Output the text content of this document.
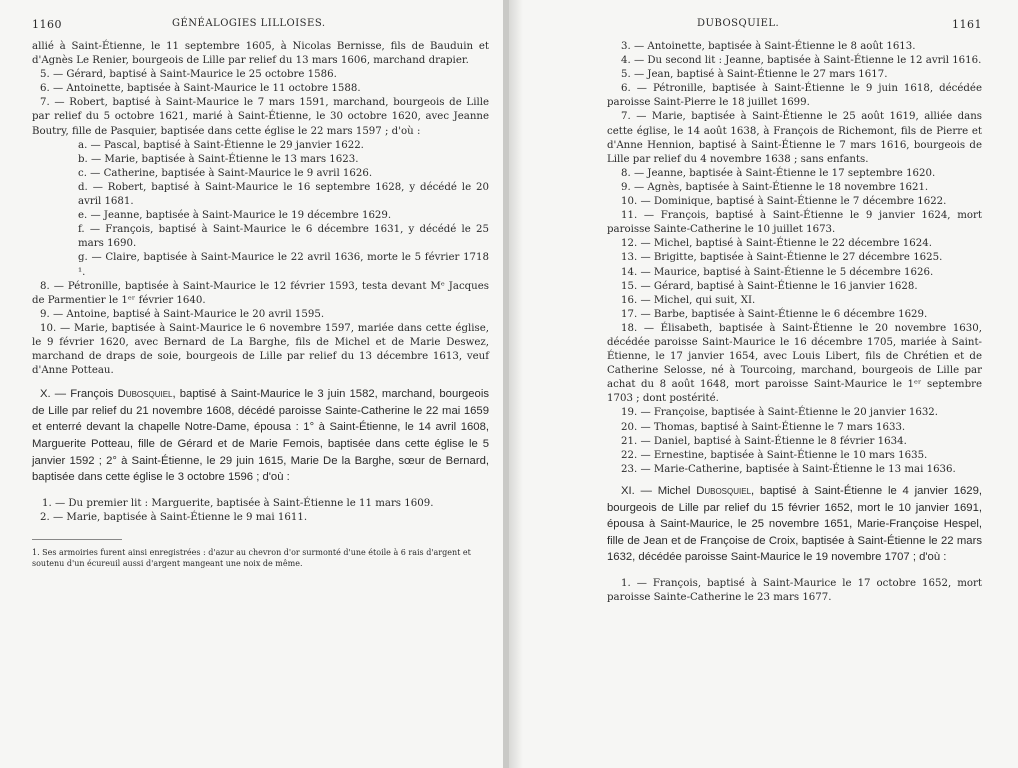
1160	GÉNÉALOGIES LILLOISES.

allié à Saint-Étienne, le 11 septembre 1605, à Nicolas Bernisse, fils de Bauduin et d'Agnès Le Renier, bourgeois de Lille par relief du 13 mars 1606, marchand drapier.

5. — Gérard, baptisé à Saint-Maurice le 25 octobre 1586.

6. — Antoinette, baptisée à Saint-Maurice le 11 octobre 1588.

7. — Robert, baptisé à Saint-Maurice le 7 mars 1591, marchand, bourgeois de Lille par relief du 5 octobre 1621, marié à Saint-Étienne, le 30 octobre 1620, avec Jeanne Boutry, fille de Pasquier, baptisée dans cette église le 22 mars 1597 ; d'où :

a. — Pascal, baptisé à Saint-Étienne le 29 janvier 1622.

b. — Marie, baptisée à Saint-Étienne le 13 mars 1623.

c. — Catherine, baptisée à Saint-Maurice le 9 avril 1626.

d. — Robert, baptisé à Saint-Maurice le 16 septembre 1628, y décédé le 20 avril 1681.

e. — Jeanne, baptisée à Saint-Maurice le 19 décembre 1629.

f. — François, baptisé à Saint-Maurice le 6 décembre 1631, y décédé le 25 mars 1690.

g. — Claire, baptisée à Saint-Maurice le 22 avril 1636, morte le 5 février 1718 ¹.

8. — Pétronille, baptisée à Saint-Maurice le 12 février 1593, testa devant Mᵉ Jacques de Parmentier le 1ᵉʳ février 1640.

9. — Antoine, baptisé à Saint-Maurice le 20 avril 1595.

10. — Marie, baptisée à Saint-Maurice le 6 novembre 1597, mariée dans cette église, le 9 février 1620, avec Bernard de La Barghe, fils de Michel et de Marie Deswez, marchand de draps de soie, bourgeois de Lille par relief du 13 décembre 1613, veuf d'Anne Potteau.

X. — François Dubosquiel, baptisé à Saint-Maurice le 3 juin 1582, marchand, bourgeois de Lille par relief du 21 novembre 1608, décédé paroisse Sainte-Catherine le 22 mai 1659 et enterré devant la chapelle Notre-Dame, épousa : 1° à Saint-Étienne, le 14 avril 1608, Marguerite Potteau, fille de Gérard et de Marie Femois, baptisée dans cette église le 5 janvier 1592 ; 2° à Saint-Étienne, le 29 juin 1615, Marie De la Barghe, sœur de Bernard, baptisée dans cette église le 3 octobre 1596 ; d'où :

1. — Du premier lit : Marguerite, baptisée à Saint-Étienne le 11 mars 1609.

2. — Marie, baptisée à Saint-Étienne le 9 mai 1611.

1. Ses armoiries furent ainsi enregistrées : d'azur au chevron d'or surmonté d'une étoile à 6 rais d'argent et soutenu d'un écureuil aussi d'argent mangeant une noix de même.

DUBOSQUIEL.	1161

3. — Antoinette, baptisée à Saint-Étienne le 8 août 1613.

4. — Du second lit : Jeanne, baptisée à Saint-Étienne le 12 avril 1616.

5. — Jean, baptisé à Saint-Étienne le 27 mars 1617.

6. — Pétronille, baptisée à Saint-Étienne le 9 juin 1618, décédée paroisse Saint-Pierre le 18 juillet 1699.

7. — Marie, baptisée à Saint-Étienne le 25 août 1619, alliée dans cette église, le 14 août 1638, à François de Richemont, fils de Pierre et d'Anne Hennion, baptisé à Saint-Étienne le 7 mars 1616, bourgeois de Lille par relief du 4 novembre 1638 ; sans enfants.

8. — Jeanne, baptisée à Saint-Étienne le 17 septembre 1620.

9. — Agnès, baptisée à Saint-Étienne le 18 novembre 1621.

10. — Dominique, baptisé à Saint-Étienne le 7 décembre 1622.

11. — François, baptisé à Saint-Étienne le 9 janvier 1624, mort paroisse Sainte-Catherine le 10 juillet 1673.

12. — Michel, baptisé à Saint-Étienne le 22 décembre 1624.

13. — Brigitte, baptisée à Saint-Étienne le 27 décembre 1625.

14. — Maurice, baptisé à Saint-Étienne le 5 décembre 1626.

15. — Gérard, baptisé à Saint-Étienne le 16 janvier 1628.

16. — Michel, qui suit, XI.

17. — Barbe, baptisée à Saint-Étienne le 6 décembre 1629.

18. — Élisabeth, baptisée à Saint-Étienne le 20 novembre 1630, décédée paroisse Saint-Maurice le 16 décembre 1705, mariée à Saint-Étienne, le 17 janvier 1654, avec Louis Libert, fils de Chrétien et de Catherine Selosse, né à Tourcoing, marchand, bourgeois de Lille par achat du 8 août 1648, mort paroisse Saint-Maurice le 1ᵉʳ septembre 1703 ; dont postérité.

19. — Françoise, baptisée à Saint-Étienne le 20 janvier 1632.

20. — Thomas, baptisé à Saint-Étienne le 7 mars 1633.

21. — Daniel, baptisé à Saint-Étienne le 8 février 1634.

22. — Ernestine, baptisée à Saint-Étienne le 10 mars 1635.

23. — Marie-Catherine, baptisée à Saint-Étienne le 13 mai 1636.

XI. — Michel Dubosquiel, baptisé à Saint-Étienne le 4 janvier 1629, bourgeois de Lille par relief du 15 février 1652, mort le 10 janvier 1691, épousa à Saint-Maurice, le 25 novembre 1651, Marie-Françoise Hespel, fille de Jean et de Françoise de Croix, baptisée à Saint-Étienne le 22 mars 1632, décédée paroisse Saint-Maurice le 19 novembre 1707 ; d'où :

1. — François, baptisé à Saint-Maurice le 17 octobre 1652, mort paroisse Sainte-Catherine le 23 mars 1677.
